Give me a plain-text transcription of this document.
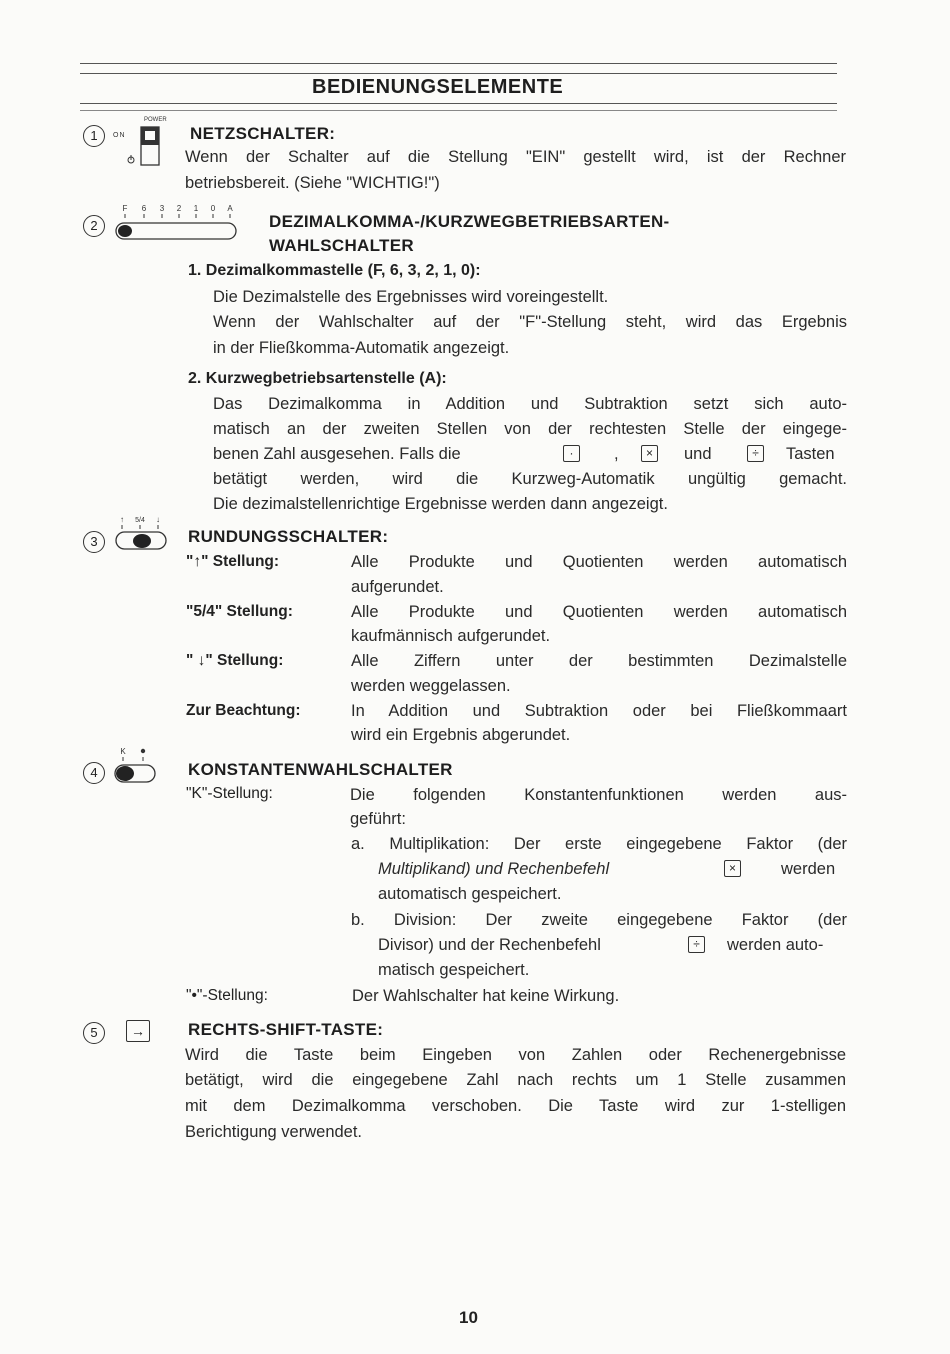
BEDIENUNGSELEMENTE
1
POWER
ON	NETZSCHALTER:
Wenn der Schalter auf die Stellung "EIN" gestellt wird, ist der Rechner
betriebsbereit. (Siehe "WICHTIG!")
2
F 6 3 2 1 0 A
DEZIMALKOMMA-/KURZWEGBETRIEBSARTEN-
WAHLSCHALTER
1. Dezimalkommastelle (F, 6, 3, 2, 1, 0):
Die Dezimalstelle des Ergebnisses wird voreingestellt.
Wenn der Wahlschalter auf der "F"-Stellung steht, wird das Ergebnis
in der Fließkomma-Automatik angezeigt.
2. Kurzwegbetriebsartenstelle (A):
Das Dezimalkomma in Addition und Subtraktion setzt sich auto-
matisch an der zweiten Stellen von der rechtesten Stelle der eingege-
benen Zahl ausgesehen. Falls die	·	,	×	und	÷	Tasten
betätigt werden, wird die Kurzweg-Automatik ungültig gemacht.
Die dezimalstellenrichtige Ergebnisse werden dann angezeigt.
3
↑ 5/4 ↓
RUNDUNGSSCHALTER:
"↑" Stellung:	Alle Produkte und Quotienten werden automatisch
aufgerundet.
"5/4" Stellung:	Alle Produkte und Quotienten werden automatisch
kaufmännisch aufgerundet.
" ↓" Stellung:	Alle Ziffern unter der bestimmten Dezimalstelle
werden weggelassen.
Zur Beachtung:	In Addition und Subtraktion oder bei Fließkommaart
wird ein Ergebnis abgerundet.
4
K
KONSTANTENWAHLSCHALTER
"K"-Stellung:	Die folgenden Konstantenfunktionen werden aus-
geführt:
a. Multiplikation: Der erste eingegebene Faktor (der
Multiplikand) und Rechenbefehl	×	werden
automatisch gespeichert.
b. Division: Der zweite eingegebene Faktor (der
Divisor) und der Rechenbefehl	÷	werden auto-
matisch gespeichert.
"•"-Stellung:	Der Wahlschalter hat keine Wirkung.
5	→	RECHTS-SHIFT-TASTE:
Wird die Taste beim Eingeben von Zahlen oder Rechenergebnisse
betätigt, wird die eingegebene Zahl nach rechts um 1 Stelle zusammen
mit dem Dezimalkomma verschoben. Die Taste wird zur 1-stelligen
Berichtigung verwendet.
10
